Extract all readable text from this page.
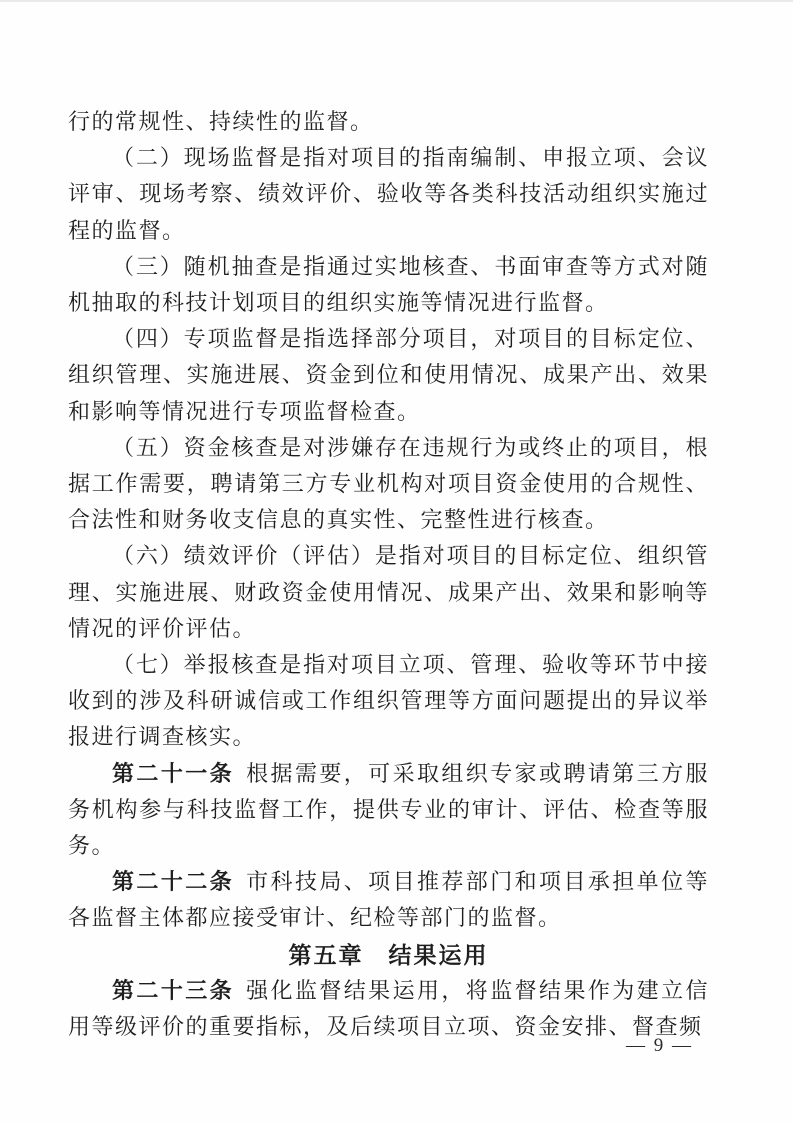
行的常规性、持续性的监督。

（二）现场监督是指对项目的指南编制、申报立项、会议评审、现场考察、绩效评价、验收等各类科技活动组织实施过程的监督。

（三）随机抽查是指通过实地核查、书面审查等方式对随机抽取的科技计划项目的组织实施等情况进行监督。

（四）专项监督是指选择部分项目，对项目的目标定位、组织管理、实施进展、资金到位和使用情况、成果产出、效果和影响等情况进行专项监督检查。

（五）资金核查是对涉嫌存在违规行为或终止的项目，根据工作需要，聘请第三方专业机构对项目资金使用的合规性、合法性和财务收支信息的真实性、完整性进行核查。

（六）绩效评价（评估）是指对项目的目标定位、组织管理、实施进展、财政资金使用情况、成果产出、效果和影响等情况的评价评估。

（七）举报核查是指对项目立项、管理、验收等环节中接收到的涉及科研诚信或工作组织管理等方面问题提出的异议举报进行调查核实。

第二十一条 根据需要，可采取组织专家或聘请第三方服务机构参与科技监督工作，提供专业的审计、评估、检查等服务。

第二十二条 市科技局、项目推荐部门和项目承担单位等各监督主体都应接受审计、纪检等部门的监督。

第五章　结果运用

第二十三条 强化监督结果运用，将监督结果作为建立信用等级评价的重要指标，及后续项目立项、资金安排、督查频

— 9 —
